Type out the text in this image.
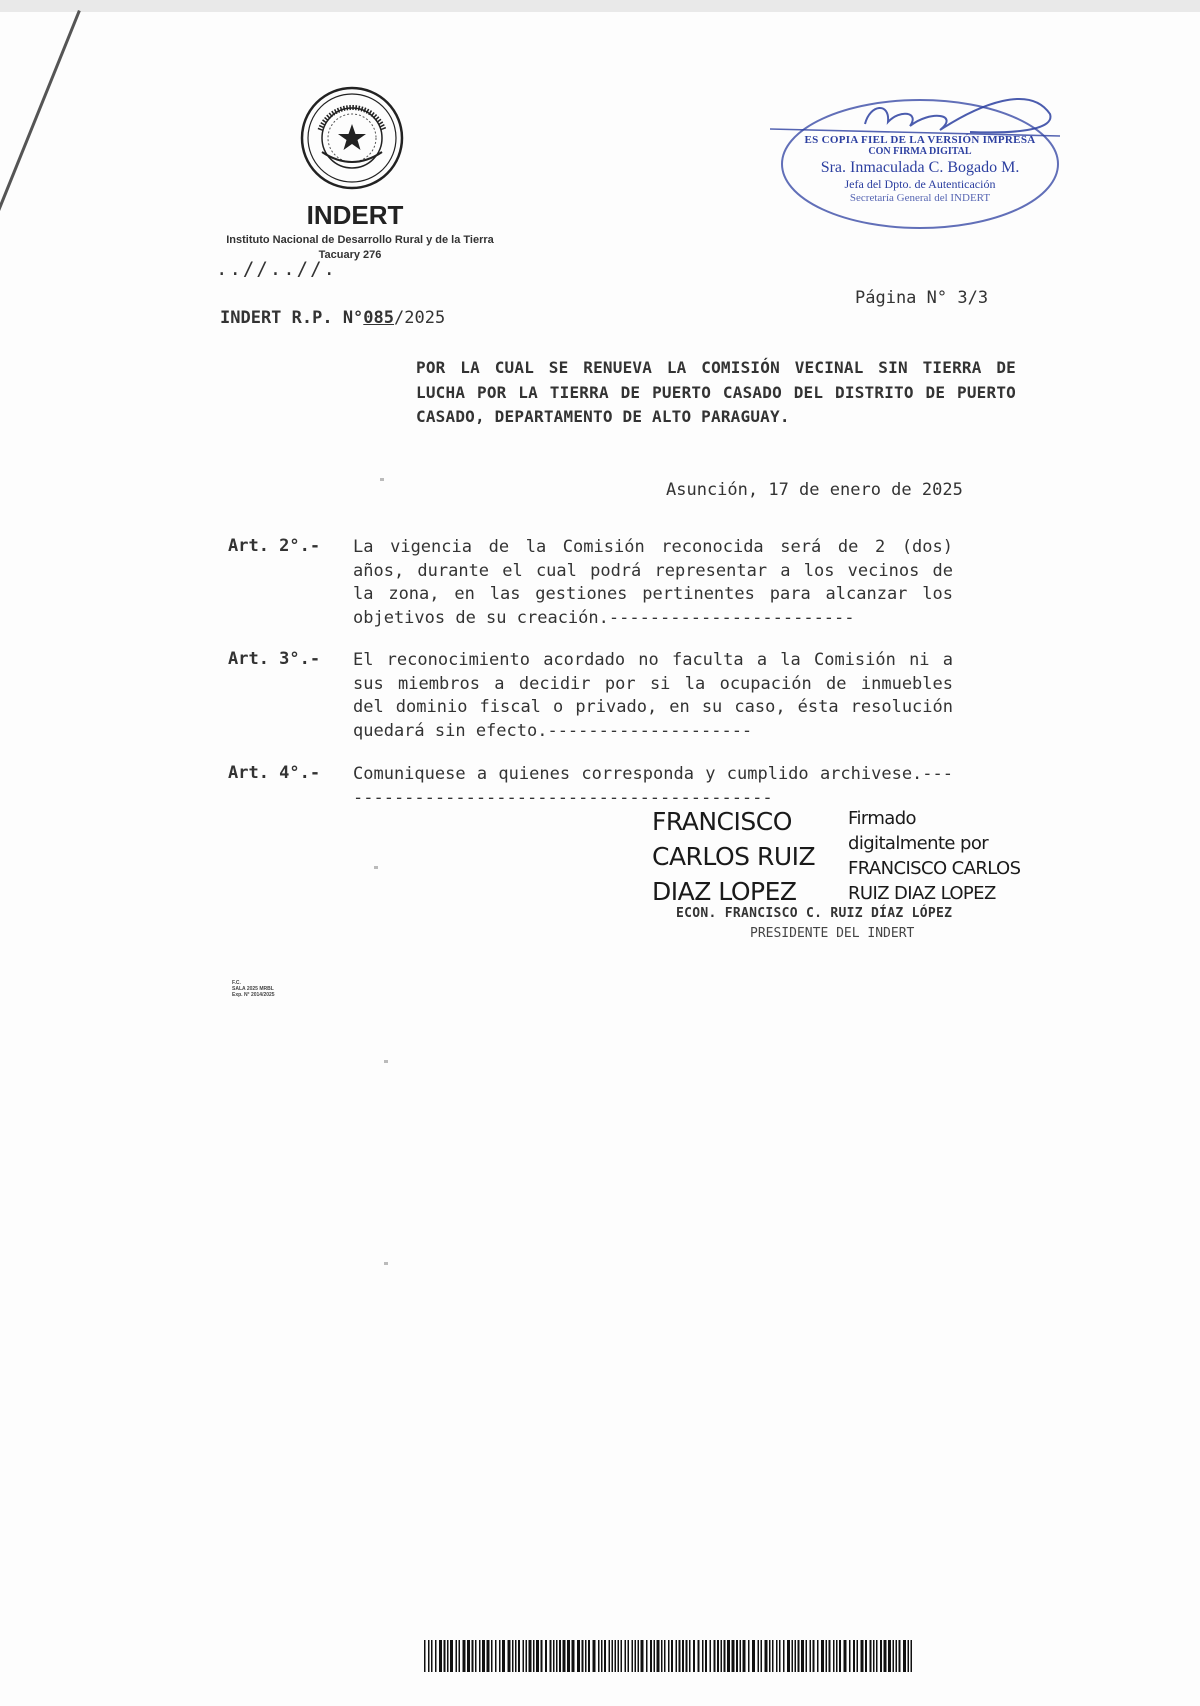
INDERT
Instituto Nacional de Desarrollo Rural y de la Tierra
Tacuary 276
..//..//.
ES COPIA FIEL DE LA VERSIÓN IMPRESA
CON FIRMA DIGITAL
Sra. Inmaculada C. Bogado M.
Jefa del Dpto. de Autenticación
Secretaría General del INDERT
Página N° 3/3
INDERT R.P. N°085/2025
POR LA CUAL SE RENUEVA LA COMISIÓN VECINAL SIN TIERRA DE LUCHA POR LA TIERRA DE PUERTO CASADO DEL DISTRITO DE PUERTO CASADO, DEPARTAMENTO DE ALTO PARAGUAY.
Asunción, 17 de enero de 2025
Art. 2°.-	La vigencia de la Comisión reconocida será de 2 (dos) años, durante el cual podrá representar a los vecinos de la zona, en las gestiones pertinentes para alcanzar los objetivos de su creación.------------------------
Art. 3°.-	El reconocimiento acordado no faculta a la Comisión ni a sus miembros a decidir por si la ocupación de inmuebles del dominio fiscal o privado, en su caso, ésta resolución quedará sin efecto.--------------------
Art. 4°.-	Comuniquese a quienes corresponda y cumplido archivese.--------------------------------------------
FRANCISCO
CARLOS RUIZ
DIAZ LOPEZ
Firmado
digitalmente por
FRANCISCO CARLOS
RUIZ DIAZ LOPEZ
ECON. FRANCISCO C. RUIZ DÍAZ LÓPEZ
PRESIDENTE DEL INDERT
F.C.
SALA 2025 MRBL
Exp. N° 2014/2025
